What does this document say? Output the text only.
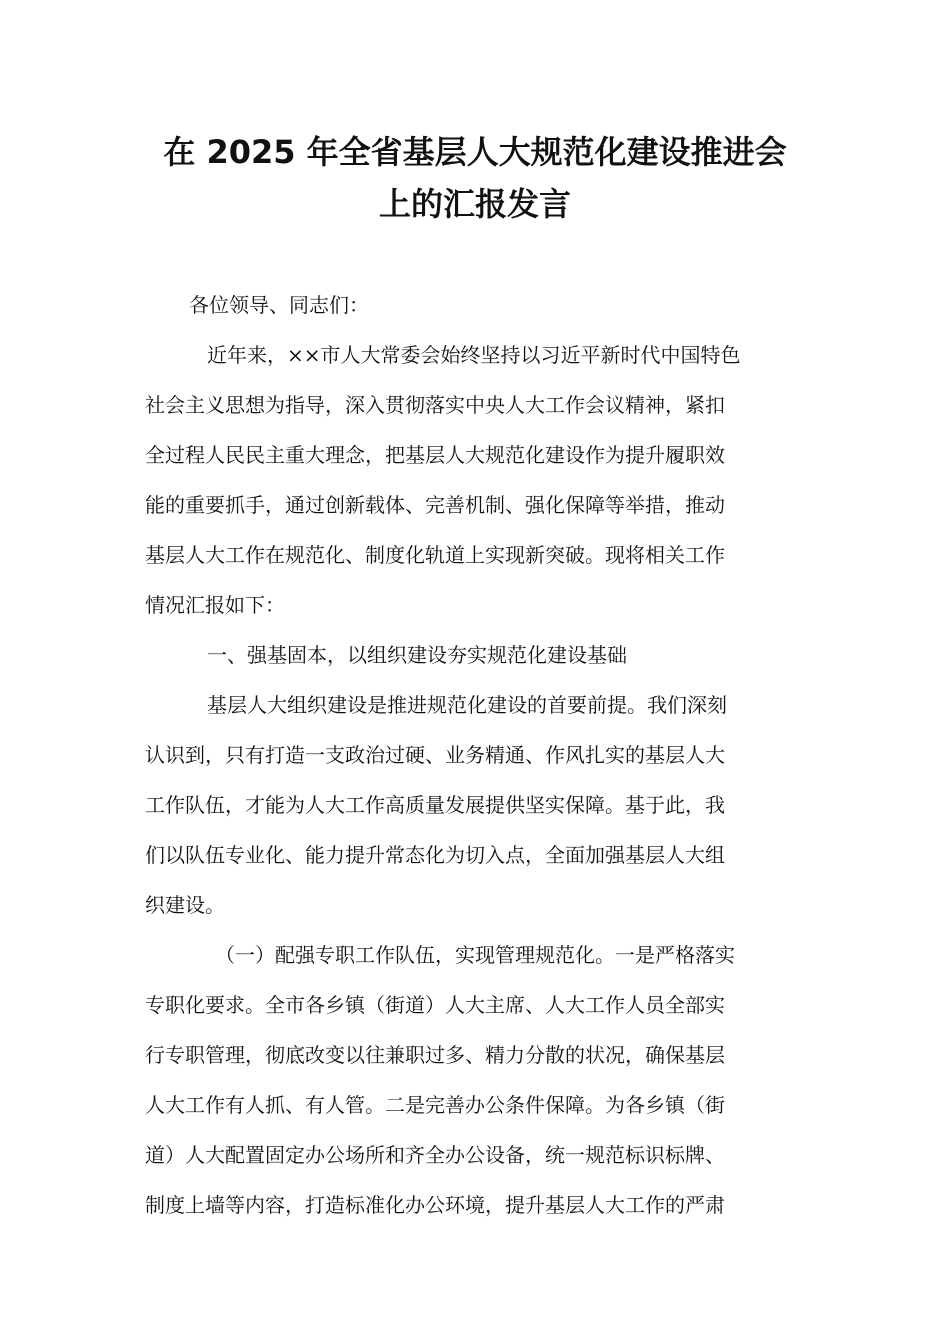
在 2025 年全省基层人大规范化建设推进会
上的汇报发言

各位领导、同志们：

近年来，××市人大常委会始终坚持以习近平新时代中国特色
社会主义思想为指导，深入贯彻落实中央人大工作会议精神，紧扣
全过程人民民主重大理念，把基层人大规范化建设作为提升履职效
能的重要抓手，通过创新载体、完善机制、强化保障等举措，推动
基层人大工作在规范化、制度化轨道上实现新突破。现将相关工作
情况汇报如下：

一、强基固本，以组织建设夯实规范化建设基础

基层人大组织建设是推进规范化建设的首要前提。我们深刻
认识到，只有打造一支政治过硬、业务精通、作风扎实的基层人大
工作队伍，才能为人大工作高质量发展提供坚实保障。基于此，我
们以队伍专业化、能力提升常态化为切入点，全面加强基层人大组
织建设。

（一）配强专职工作队伍，实现管理规范化。一是严格落实
专职化要求。全市各乡镇（街道）人大主席、人大工作人员全部实
行专职管理，彻底改变以往兼职过多、精力分散的状况，确保基层
人大工作有人抓、有人管。二是完善办公条件保障。为各乡镇（街
道）人大配置固定办公场所和齐全办公设备，统一规范标识标牌、
制度上墙等内容，打造标准化办公环境，提升基层人大工作的严肃
